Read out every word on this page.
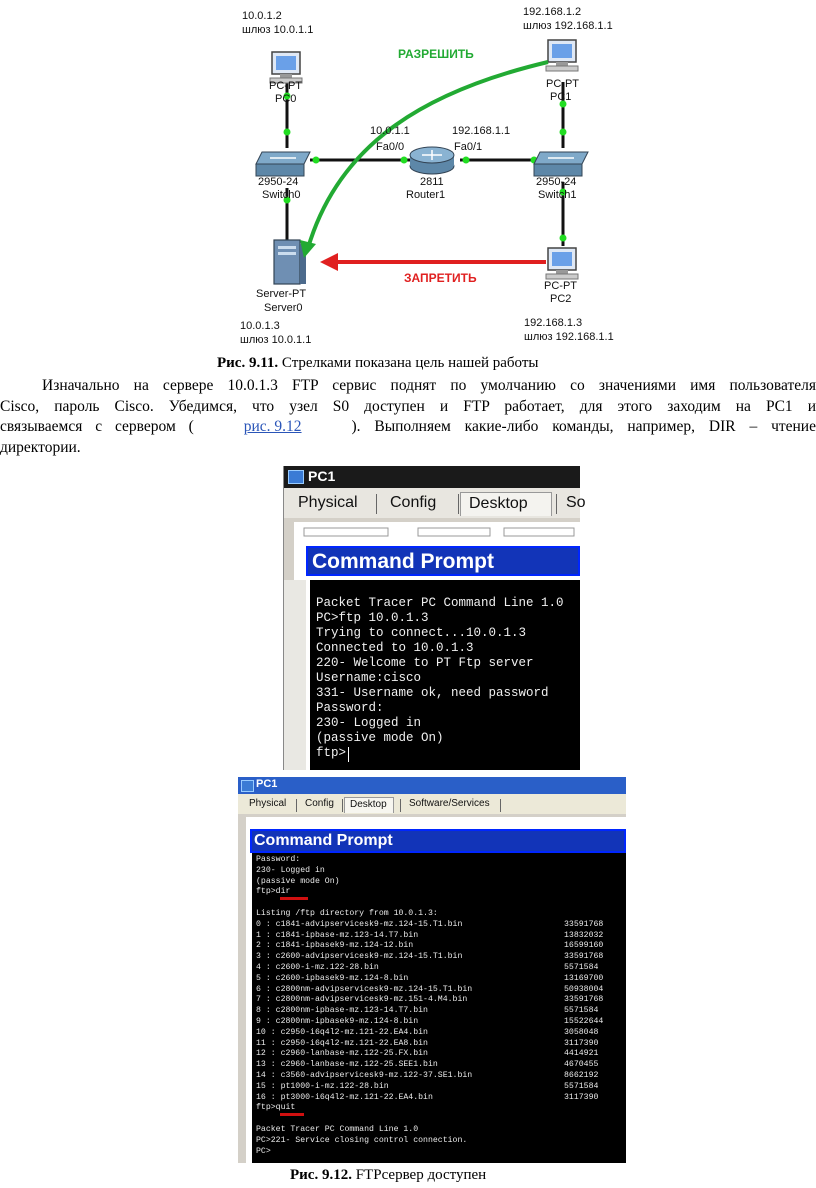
10.0.1.2
шлюз 10.0.1.1
PC-PT
PC0
192.168.1.2
шлюз 192.168.1.1
PC-PT
PC1
PC-PT
PC2
192.168.1.3
шлюз 192.168.1.1
2950-24
Switch0
2950-24
Switch1
10.0.1.1
Fa0/0
192.168.1.1
Fa0/1
2811
Router1
Server-PT
Server0
10.0.1.3
шлюз 10.0.1.1
РАЗРЕШИТЬ
ЗАПРЕТИТЬ
Рис. 9.11. Стрелками показана цель нашей работы
Изначально на сервере 10.0.1.3 FTP сервис поднят по умолчанию со значениями имя пользователя
Cisco, пароль Cisco. Убедимся, что узел S0 доступен и FTP работает, для этого заходим на PC1 и
связываемся с сервером (	рис. 9.12	). Выполняем какие-либо команды, например, DIR – чтение
директории.
PC1
Physical	Config	Desktop	So
Command Prompt
Packet Tracer PC Command Line 1.0
PC>ftp 10.0.1.3
Trying to connect...10.0.1.3
Connected to 10.0.1.3
220- Welcome to PT Ftp server
Username:cisco
331- Username ok, need password
Password:
230- Logged in
(passive mode On)
ftp>
PC1
Physical	Config	Desktop	Software/Services
Command Prompt
Password:
230- Logged in
(passive mode On)
ftp>dir
Listing /ftp directory from 10.0.1.3:
0 : c1841-advipservicesk9-mz.124-15.T1.bin	33591768
1 : c1841-ipbase-mz.123-14.T7.bin	13832032
2 : c1841-ipbasek9-mz.124-12.bin	16599160
3 : c2600-advipservicesk9-mz.124-15.T1.bin	33591768
4 : c2600-i-mz.122-28.bin	5571584
5 : c2600-ipbasek9-mz.124-8.bin	13169700
6 : c2800nm-advipservicesk9-mz.124-15.T1.bin	50938004
7 : c2800nm-advipservicesk9-mz.151-4.M4.bin	33591768
8 : c2800nm-ipbase-mz.123-14.T7.bin	5571584
9 : c2800nm-ipbasek9-mz.124-8.bin	15522644
10 : c2950-i6q4l2-mz.121-22.EA4.bin	3058048
11 : c2950-i6q4l2-mz.121-22.EA8.bin	3117390
12 : c2960-lanbase-mz.122-25.FX.bin	4414921
13 : c2960-lanbase-mz.122-25.SEE1.bin	4670455
14 : c3560-advipservicesk9-mz.122-37.SE1.bin	8662192
15 : pt1000-i-mz.122-28.bin	5571584
16 : pt3000-i6q4l2-mz.121-22.EA4.bin	3117390
ftp>quit
Packet Tracer PC Command Line 1.0
PC>221- Service closing control connection.
PC>
Рис. 9.12. FTPсервер доступен
